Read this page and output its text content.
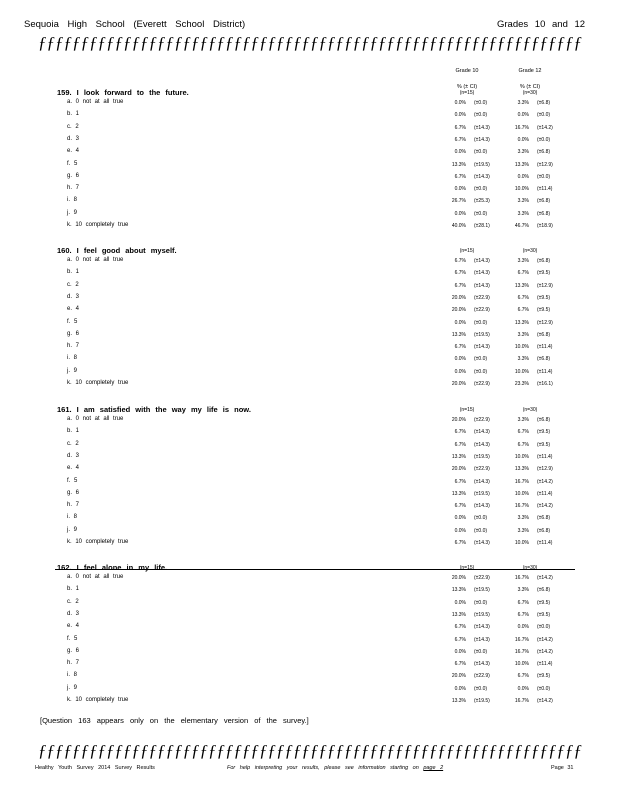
Sequoia High School (Everett School District)	Grades 10 and 12
ƒƒƒƒƒƒƒƒƒƒƒƒƒƒƒƒƒƒƒƒƒƒƒƒƒƒƒƒƒƒƒƒƒƒƒƒƒƒƒƒƒƒƒƒƒƒƒƒƒƒƒƒƒƒƒƒƒƒƒƒƒƒƒƒ
Grade 10	Grade 12
% (± CI)	% (± CI)
159. I look forward to the future.	(n=15)	(n=30)
a. 0 not at all true	0.0% (±0.0)	3.3% (±6.8)
b. 1	0.0% (±0.0)	0.0% (±0.0)
c. 2	6.7% (±14.3)	16.7% (±14.2)
d. 3	6.7% (±14.3)	0.0% (±0.0)
e. 4	0.0% (±0.0)	3.3% (±6.8)
f. 5	13.3% (±19.5)	13.3% (±12.9)
g. 6	6.7% (±14.3)	0.0% (±0.0)
h. 7	0.0% (±0.0)	10.0% (±11.4)
i. 8	26.7% (±25.3)	3.3% (±6.8)
j. 9	0.0% (±0.0)	3.3% (±6.8)
k. 10 completely true	40.0% (±28.1)	46.7% (±18.9)
160. I feel good about myself.	(n=15)	(n=30)
a. 0 not at all true	6.7% (±14.3)	3.3% (±6.8)
b. 1	6.7% (±14.3)	6.7% (±9.5)
c. 2	6.7% (±14.3)	13.3% (±12.9)
d. 3	20.0% (±22.9)	6.7% (±9.5)
e. 4	20.0% (±22.9)	6.7% (±9.5)
f. 5	0.0% (±0.0)	13.3% (±12.9)
g. 6	13.3% (±19.5)	3.3% (±6.8)
h. 7	6.7% (±14.3)	10.0% (±11.4)
i. 8	0.0% (±0.0)	3.3% (±6.8)
j. 9	0.0% (±0.0)	10.0% (±11.4)
k. 10 completely true	20.0% (±22.9)	23.3% (±16.1)
161. I am satisfied with the way my life is now.	(n=15)	(n=30)
a. 0 not at all true	20.0% (±22.9)	3.3% (±6.8)
b. 1	6.7% (±14.3)	6.7% (±9.5)
c. 2	6.7% (±14.3)	6.7% (±9.5)
d. 3	13.3% (±19.5)	10.0% (±11.4)
e. 4	20.0% (±22.9)	13.3% (±12.9)
f. 5	6.7% (±14.3)	16.7% (±14.2)
g. 6	13.3% (±19.5)	10.0% (±11.4)
h. 7	6.7% (±14.3)	16.7% (±14.2)
i. 8	0.0% (±0.0)	3.3% (±6.8)
j. 9	0.0% (±0.0)	3.3% (±6.8)
k. 10 completely true	6.7% (±14.3)	10.0% (±11.4)
162. I feel alone in my life.	(n=15)	(n=30)
a. 0 not at all true	20.0% (±22.9)	16.7% (±14.2)
b. 1	13.3% (±19.5)	3.3% (±6.8)
c. 2	0.0% (±0.0)	6.7% (±9.5)
d. 3	13.3% (±19.5)	6.7% (±9.5)
e. 4	6.7% (±14.3)	0.0% (±0.0)
f. 5	6.7% (±14.3)	16.7% (±14.2)
g. 6	0.0% (±0.0)	16.7% (±14.2)
h. 7	6.7% (±14.3)	10.0% (±11.4)
i. 8	20.0% (±22.9)	6.7% (±9.5)
j. 9	0.0% (±0.0)	0.0% (±0.0)
k. 10 completely true	13.3% (±19.5)	16.7% (±14.2)
[Question 163 appears only on the elementary version of the survey.]
ƒƒƒƒƒƒƒƒƒƒƒƒƒƒƒƒƒƒƒƒƒƒƒƒƒƒƒƒƒƒƒƒƒƒƒƒƒƒƒƒƒƒƒƒƒƒƒƒƒƒƒƒƒƒƒƒƒƒƒƒƒƒƒƒ
Healthy Youth Survey 2014 Survey Results	For help interpreting your results, please see information starting on page 2	Page 31
